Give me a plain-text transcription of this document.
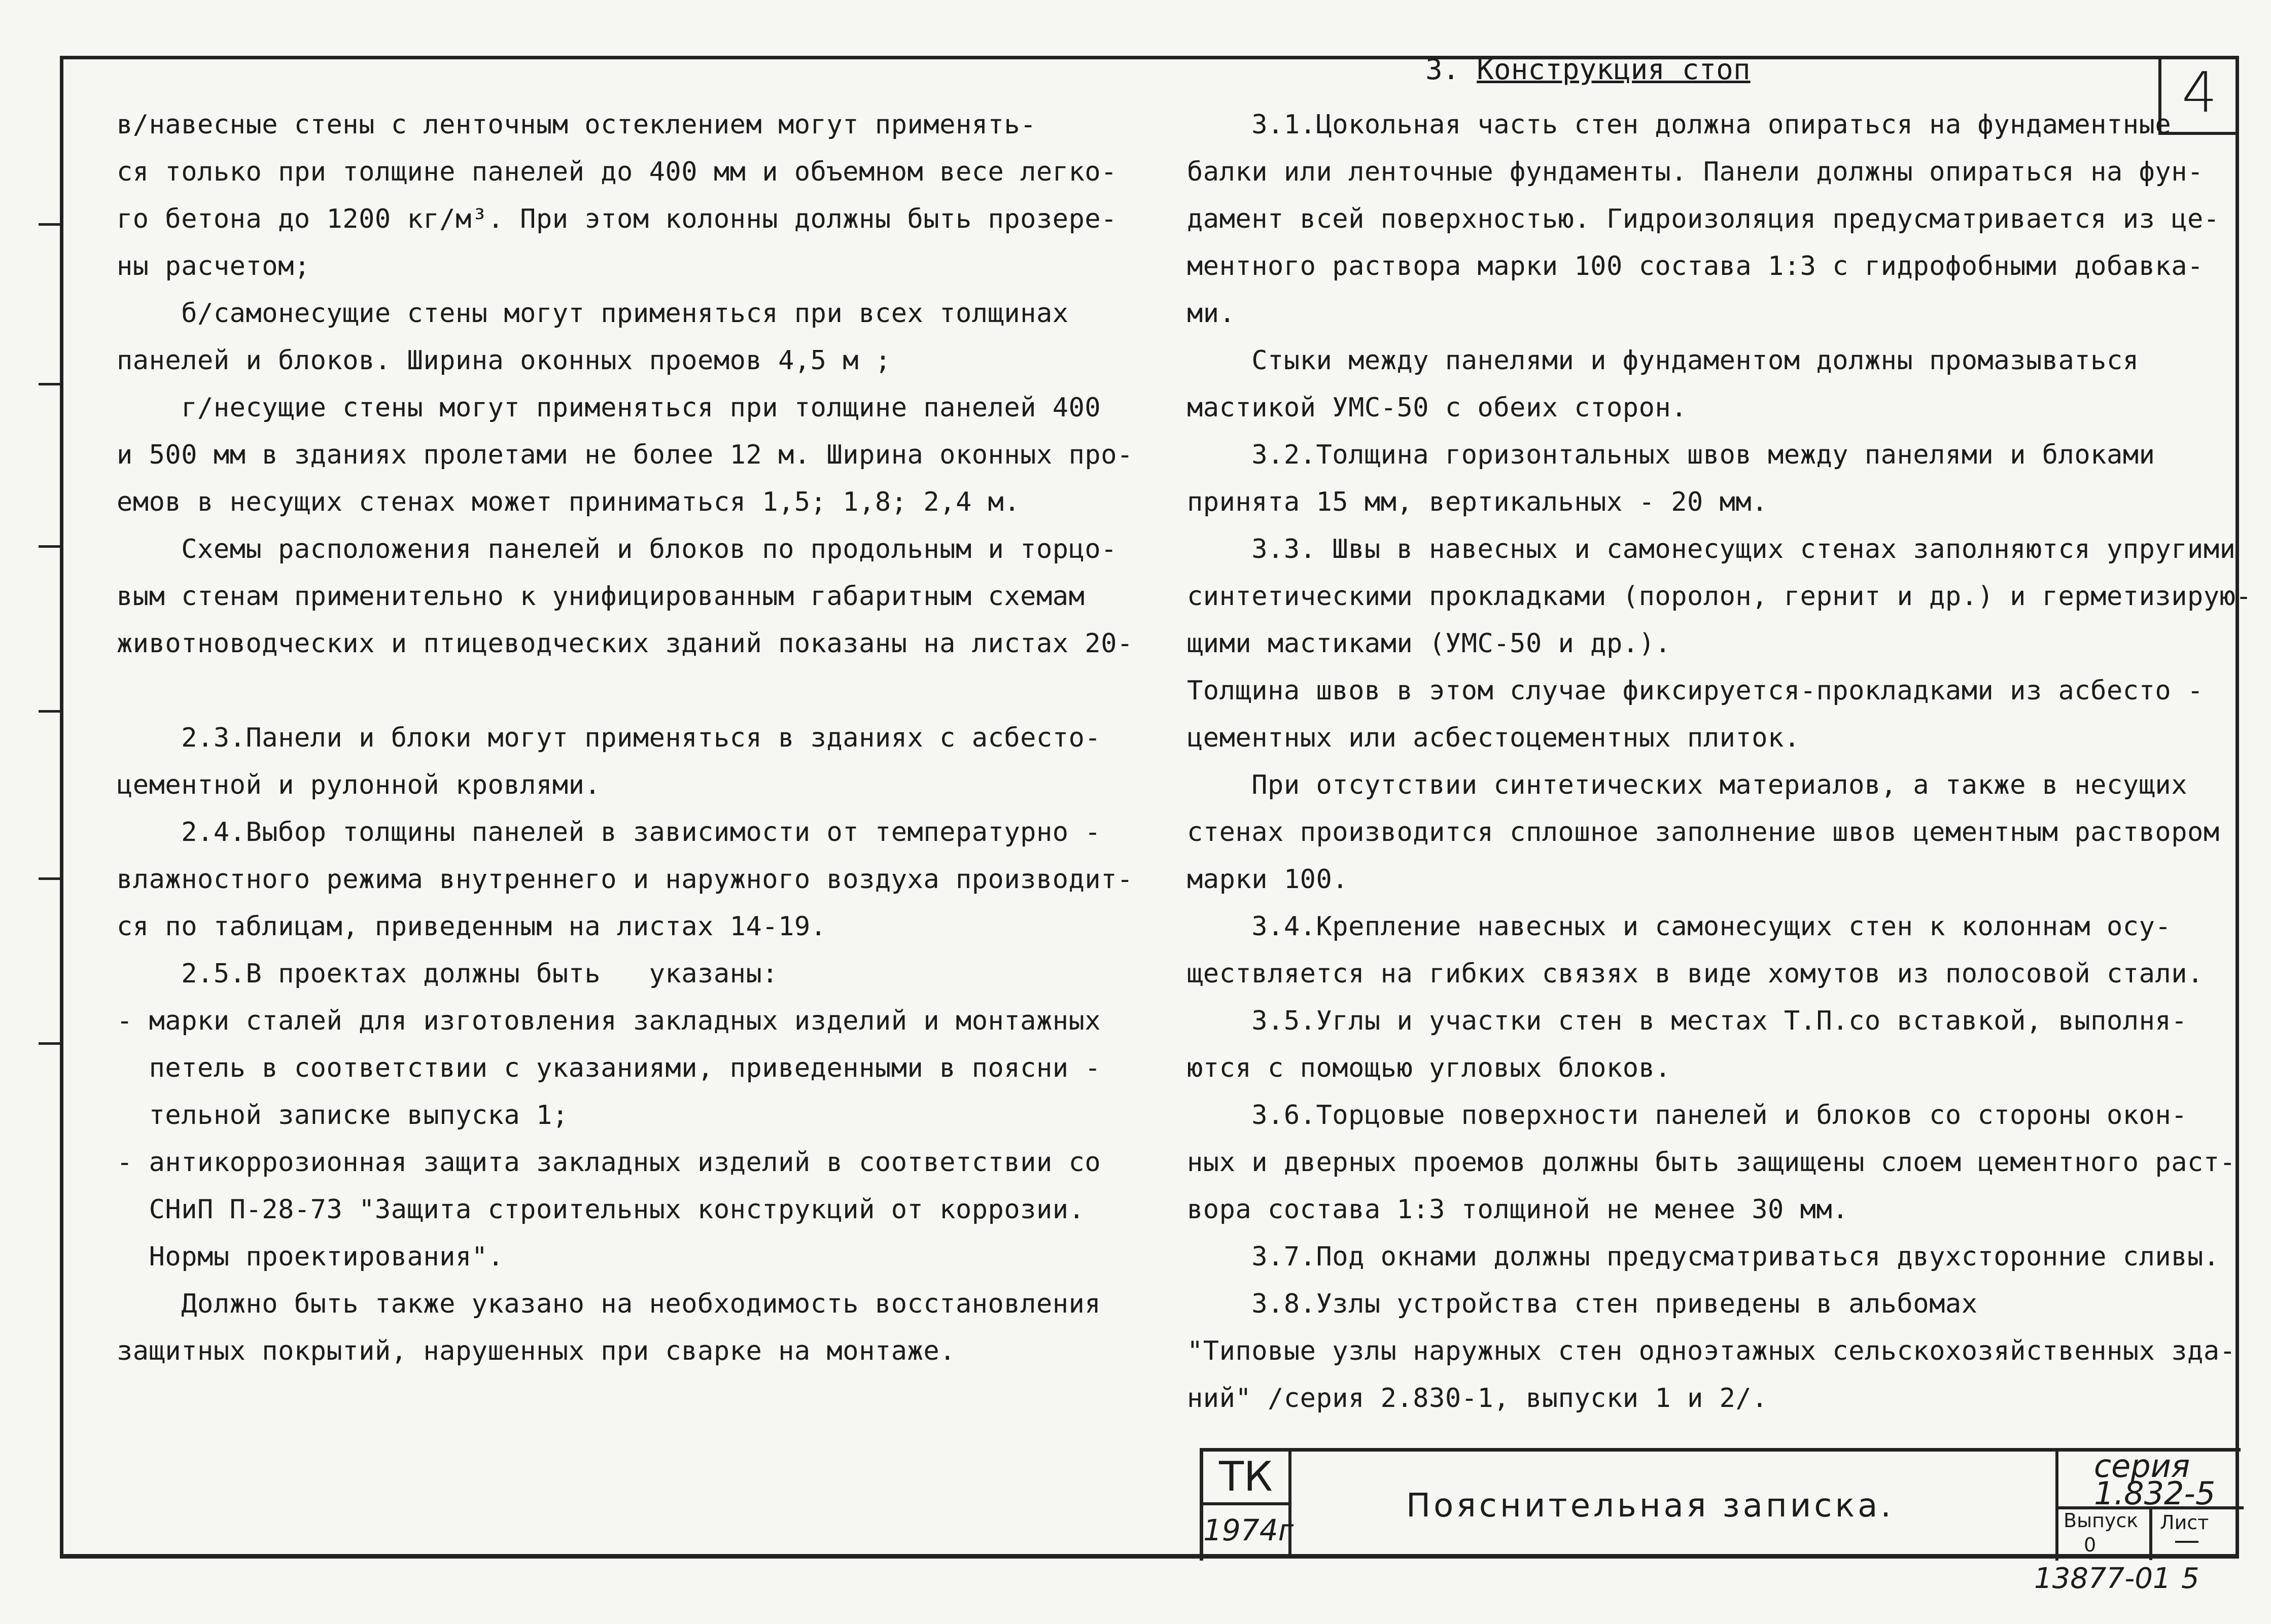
3. Конструкция стоп	4
в/навесные стены с ленточным остеклением могут применять-
ся только при толщине панелей до 400 мм и объемном весе легко-
го бетона до 1200 кг/м³. При этом колонны должны быть прозере-
ны расчетом;
б/самонесущие стены могут применяться при всех толщинах
панелей и блоков. Ширина оконных проемов 4,5 м ;
г/несущие стены могут применяться при толщине панелей 400
и 500 мм в зданиях пролетами не более 12 м. Ширина оконных про-
емов в несущих стенах может приниматься 1,5; 1,8; 2,4 м.
Схемы расположения панелей и блоков по продольным и торцо-
вым стенам применительно к унифицированным габаритным схемам
животноводческих и птицеводческих зданий показаны на листах 20-
2.3.Панели и блоки могут применяться в зданиях с асбесто-
цементной и рулонной кровлями.
2.4.Выбор толщины панелей в зависимости от температурно -
влажностного режима внутреннего и наружного воздуха производит-
ся по таблицам, приведенным на листах 14-19.
2.5.В проектах должны быть   указаны:
- марки сталей для изготовления закладных изделий и монтажных
петель в соответствии с указаниями, приведенными в поясни -
тельной записке выпуска 1;
- антикоррозионная защита закладных изделий в соответствии со
СНиП П-28-73 "Защита строительных конструкций от коррозии.
Нормы проектирования".
Должно быть также указано на необходимость восстановления
защитных покрытий, нарушенных при сварке на монтаже.
3.1.Цокольная часть стен должна опираться на фундаментные
балки или ленточные фундаменты. Панели должны опираться на фун-
дамент всей поверхностью. Гидроизоляция предусматривается из це-
ментного раствора марки 100 состава 1:3 с гидрофобными добавка-
ми.
Стыки между панелями и фундаментом должны промазываться
мастикой УМС-50 с обеих сторон.
3.2.Толщина горизонтальных швов между панелями и блоками
принята 15 мм, вертикальных - 20 мм.
3.3. Швы в навесных и самонесущих стенах заполняются упругими
синтетическими прокладками (поролон, гернит и др.) и герметизирую-
щими мастиками (УМС-50 и др.).
Толщина швов в этом случае фиксируется-прокладками из асбесто -
цементных или асбестоцементных плиток.
При отсутствии синтетических материалов, а также в несущих
стенах производится сплошное заполнение швов цементным раствором
марки 100.
3.4.Крепление навесных и самонесущих стен к колоннам осу-
ществляется на гибких связях в виде хомутов из полосовой стали.
3.5.Углы и участки стен в местах Т.П.со вставкой, выполня-
ются с помощью угловых блоков.
3.6.Торцовые поверхности панелей и блоков со стороны окон-
ных и дверных проемов должны быть защищены слоем цементного раст-
вора состава 1:3 толщиной не менее 30 мм.
3.7.Под окнами должны предусматриваться двухсторонние сливы.
3.8.Узлы устройства стен приведены в альбомах
"Типовые узлы наружных стен одноэтажных сельскохозяйственных зда-
ний" /серия 2.830-1, выпуски 1 и 2/.
ТК
1974г
Пояснительная записка.
серия
1.832-5
Выпуск
0
Лист
13877-01 5
